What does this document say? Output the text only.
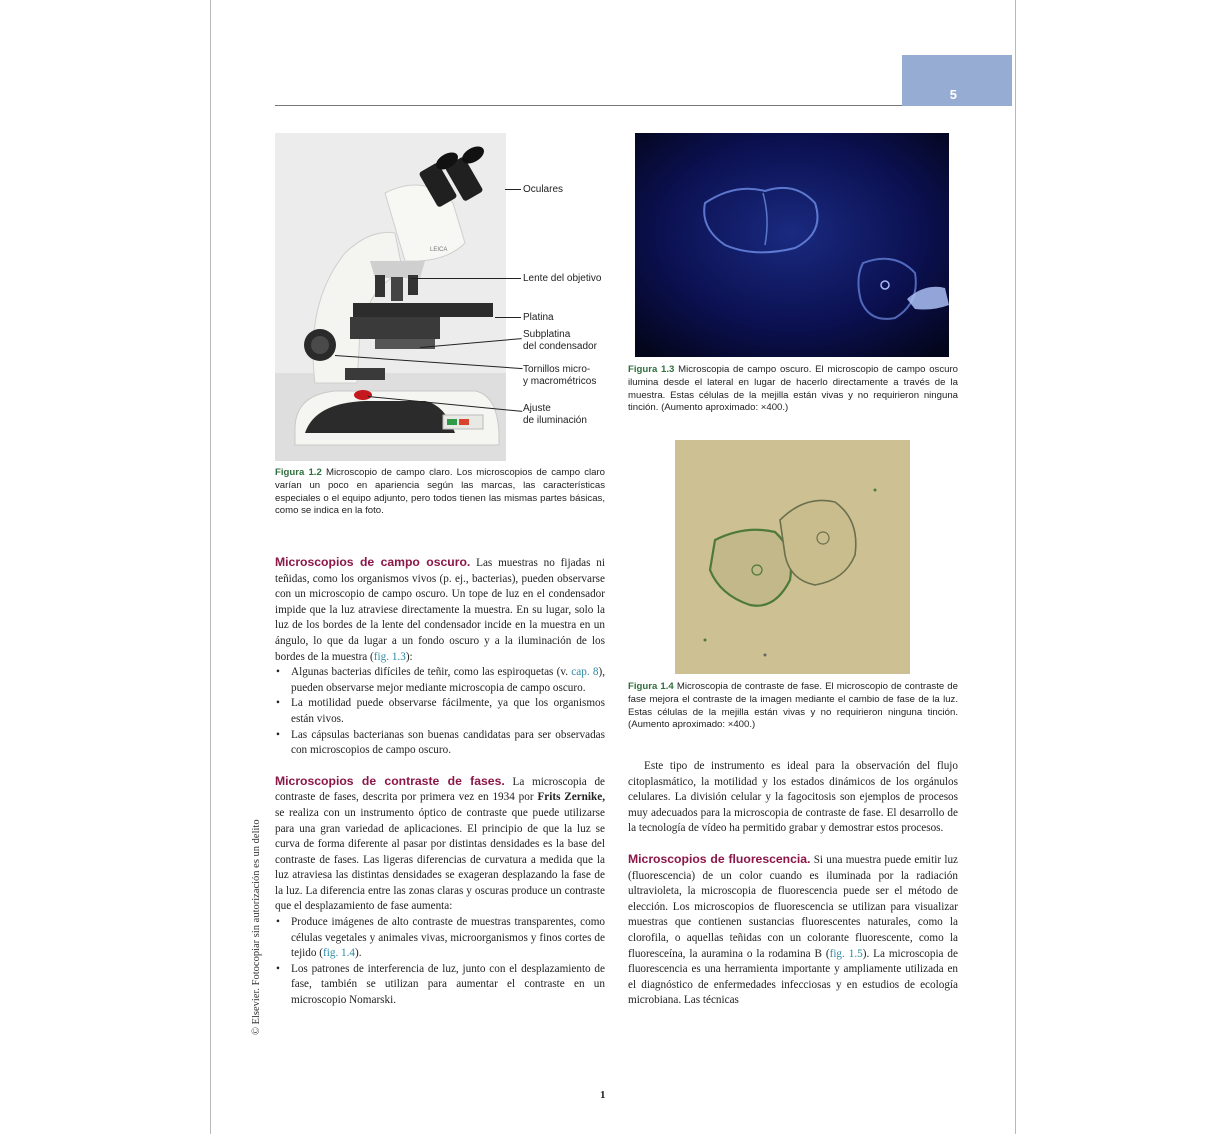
5
© Elsevier. Fotocopiar sin autorización es un delito
LEICA
Oculares
Lente del objetivo
Platina
Subplatina
del condensador
Tornillos micro-
y macrométricos
Ajuste
de iluminación
Figura 1.2 Microscopio de campo claro. Los microscopios de campo claro varían un poco en apariencia según las marcas, las características especiales o el equipo adjunto, pero todos tienen las mismas partes básicas, como se indica en la foto.
Figura 1.3 Microscopia de campo oscuro. El microscopio de campo oscuro ilumina desde el lateral en lugar de hacerlo directamente a través de la muestra. Estas células de la mejilla están vivas y no requirieron ninguna tinción. (Aumento aproximado: ×400.)
Figura 1.4 Microscopia de contraste de fase. El microscopio de contraste de fase mejora el contraste de la imagen mediante el cambio de fase de la luz. Estas células de la mejilla están vivas y no requirieron ninguna tinción. (Aumento aproximado: ×400.)

Microscopios de campo oscuro. Las muestras no fijadas ni teñidas, como los organismos vivos (p. ej., bacterias), pueden observarse con un microscopio de campo oscuro. Un tope de luz en el condensador impide que la luz atraviese directamente la muestra. En su lugar, solo la luz de los bordes de la lente del condensador incide en la muestra en un ángulo, lo que da lugar a un fondo oscuro y a la iluminación de los bordes de la muestra (fig. 1.3):

• Algunas bacterias difíciles de teñir, como las espiroquetas (v. cap. 8), pueden observarse mejor mediante microscopia de campo oscuro.
• La motilidad puede observarse fácilmente, ya que los organismos están vivos.
• Las cápsulas bacterianas son buenas candidatas para ser observadas con microscopios de campo oscuro.

Microscopios de contraste de fases. La microscopia de contraste de fases, descrita por primera vez en 1934 por Frits Zernike, se realiza con un instrumento óptico de contraste que puede utilizarse para una gran variedad de aplicaciones. El principio de que la luz se curva de forma diferente al pasar por distintas densidades es la base del contraste de fases. Las ligeras diferencias de curvatura a medida que la luz atraviesa las distintas densidades se exageran desplazando la fase de la luz. La diferencia entre las zonas claras y oscuras produce un contraste que el desplazamiento de fase aumenta:

• Produce imágenes de alto contraste de muestras transparentes, como células vegetales y animales vivas, microorganismos y finos cortes de tejido (fig. 1.4).
• Los patrones de interferencia de luz, junto con el desplazamiento de fase, también se utilizan para aumentar el contraste en un microscopio Nomarski.

Este tipo de instrumento es ideal para la observación del flujo citoplasmático, la motilidad y los estados dinámicos de los orgánulos celulares. La división celular y la fagocitosis son ejemplos de procesos muy adecuados para la microscopia de contraste de fase. El desarrollo de la tecnología de vídeo ha permitido grabar y demostrar estos procesos.

Microscopios de fluorescencia. Si una muestra puede emitir luz (fluorescencia) de un color cuando es iluminada por la radiación ultravioleta, la microscopia de fluorescencia puede ser el método de elección. Los microscopios de fluorescencia se utilizan para visualizar muestras que contienen sustancias fluorescentes naturales, como la clorofila, o aquellas teñidas con un colorante fluorescente, como la fluoresceína, la auramina o la rodamina B (fig. 1.5). La microscopia de fluorescencia es una herramienta importante y ampliamente utilizada en el diagnóstico de enfermedades infecciosas y en estudios de ecología microbiana. Las técnicas

1
